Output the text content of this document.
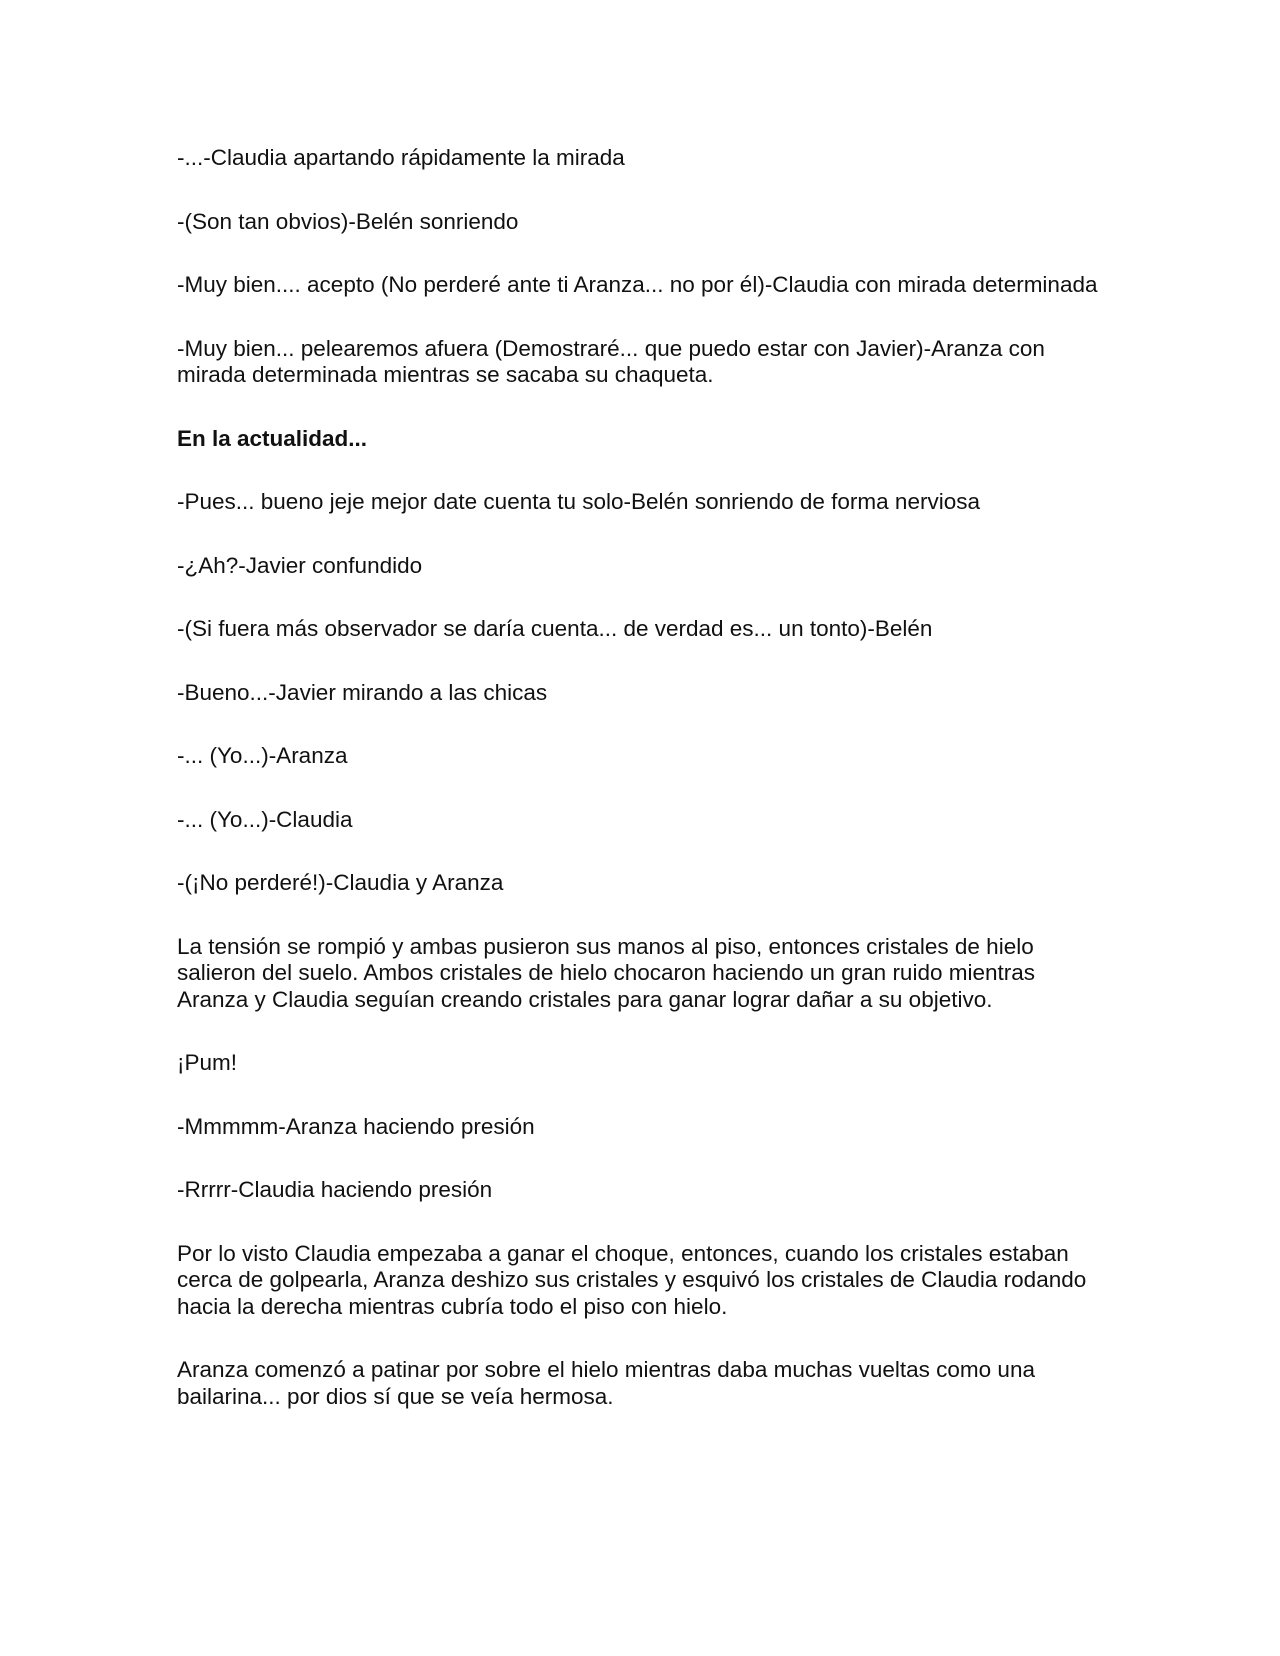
-...-Claudia apartando rápidamente la mirada

-(Son tan obvios)-Belén sonriendo

-Muy bien.... acepto (No perderé ante ti Aranza... no por él)-Claudia con mirada determinada

-Muy bien... pelearemos afuera (Demostraré... que puedo estar con Javier)-Aranza con mirada determinada mientras se sacaba su chaqueta.

En la actualidad...

-Pues... bueno jeje mejor date cuenta tu solo-Belén sonriendo de forma nerviosa

-¿Ah?-Javier confundido

-(Si fuera más observador se daría cuenta... de verdad es... un tonto)-Belén

-Bueno...-Javier mirando a las chicas

-... (Yo...)-Aranza

-... (Yo...)-Claudia

-(¡No perderé!)-Claudia y Aranza

La tensión se rompió y ambas pusieron sus manos al piso, entonces cristales de hielo salieron del suelo. Ambos cristales de hielo chocaron haciendo un gran ruido mientras Aranza y Claudia seguían creando cristales para ganar lograr dañar a su objetivo.

¡Pum!

-Mmmmm-Aranza haciendo presión

-Rrrrr-Claudia haciendo presión

Por lo visto Claudia empezaba a ganar el choque, entonces, cuando los cristales estaban cerca de golpearla, Aranza deshizo sus cristales y esquivó los cristales de Claudia rodando hacia la derecha mientras cubría todo el piso con hielo.

Aranza comenzó a patinar por sobre el hielo mientras daba muchas vueltas como una bailarina... por dios sí que se veía hermosa.
